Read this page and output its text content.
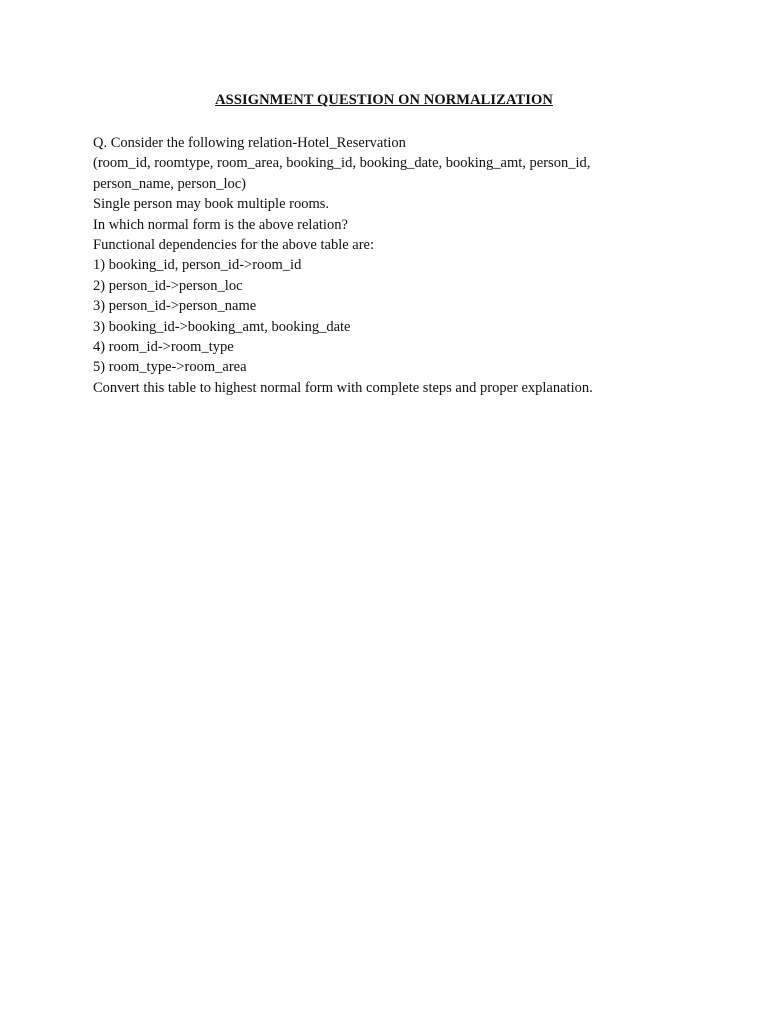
ASSIGNMENT QUESTION ON NORMALIZATION
Q. Consider the following relation-Hotel_Reservation
(room_id, roomtype, room_area, booking_id, booking_date, booking_amt, person_id,
person_name, person_loc)
Single person may book multiple rooms.
In which normal form is the above relation?
Functional dependencies for the above table are:
1) booking_id, person_id->room_id
2) person_id->person_loc
3) person_id->person_name
3) booking_id->booking_amt, booking_date
4) room_id->room_type
5) room_type->room_area
Convert this table to highest normal form with complete steps and proper explanation.
